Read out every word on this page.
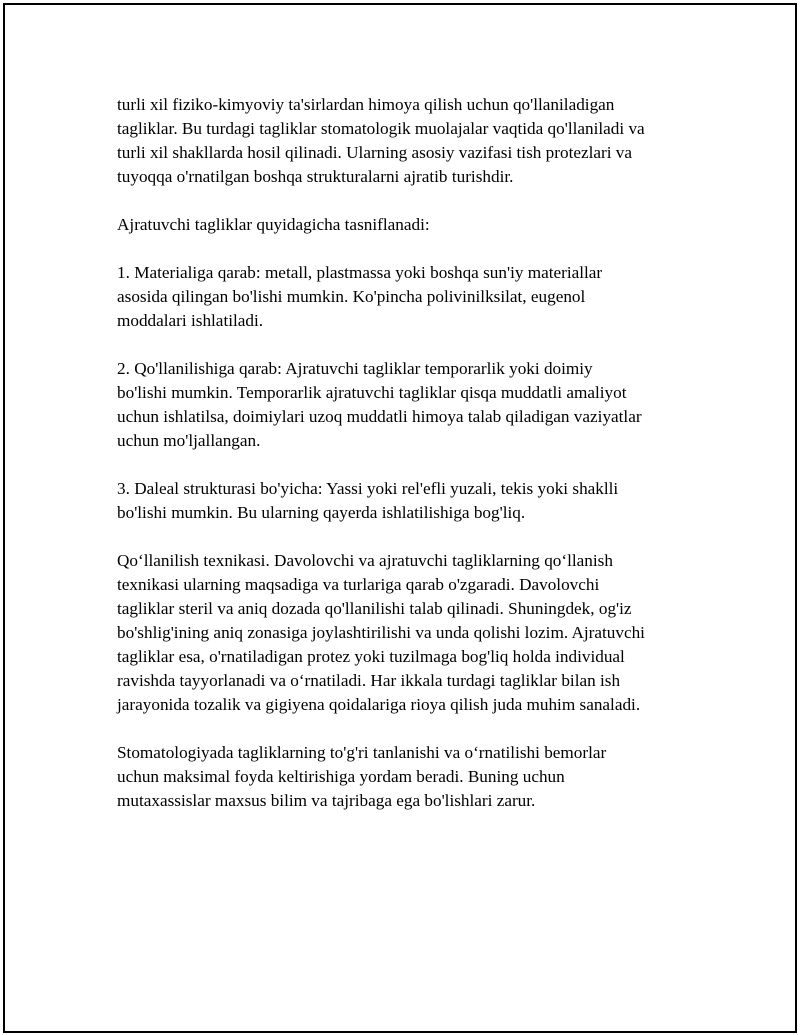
turli xil fiziko-kimyoviy ta'sirlardan himoya qilish uchun qo'llaniladigan
tagliklar. Bu turdagi tagliklar stomatologik muolajalar vaqtida qo'llaniladi va
turli xil shakllarda hosil qilinadi. Ularning asosiy vazifasi tish protezlari va
tuyoqqa o'rnatilgan boshqa strukturalarni ajratib turishdir.

Ajratuvchi tagliklar quyidagicha tasniflanadi:

1. Materialiga qarab: metall, plastmassa yoki boshqa sun'iy materiallar
asosida qilingan bo'lishi mumkin. Ko'pincha polivinilksilat, eugenol
moddalari ishlatiladi.

2. Qo'llanilishiga qarab: Ajratuvchi tagliklar temporarlik yoki doimiy
bo'lishi mumkin. Temporarlik ajratuvchi tagliklar qisqa muddatli amaliyot
uchun ishlatilsa, doimiylari uzoq muddatli himoya talab qiladigan vaziyatlar
uchun mo'ljallangan.

3. Daleal strukturasi bo'yicha: Yassi yoki rel'efli yuzali, tekis yoki shaklli
bo'lishi mumkin. Bu ularning qayerda ishlatilishiga bog'liq.

Qo‘llanilish texnikasi. Davolovchi va ajratuvchi tagliklarning qo‘llanish
texnikasi ularning maqsadiga va turlariga qarab o'zgaradi. Davolovchi
tagliklar steril va aniq dozada qo'llanilishi talab qilinadi. Shuningdek, og'iz
bo'shlig'ining aniq zonasiga joylashtirilishi va unda qolishi lozim. Ajratuvchi
tagliklar esa, o'rnatiladigan protez yoki tuzilmaga bog'liq holda individual
ravishda tayyorlanadi va o‘rnatiladi. Har ikkala turdagi tagliklar bilan ish
jarayonida tozalik va gigiyena qoidalariga rioya qilish juda muhim sanaladi.

Stomatologiyada tagliklarning to'g'ri tanlanishi va o‘rnatilishi bemorlar
uchun maksimal foyda keltirishiga yordam beradi. Buning uchun
mutaxassislar maxsus bilim va tajribaga ega bo'lishlari zarur.
